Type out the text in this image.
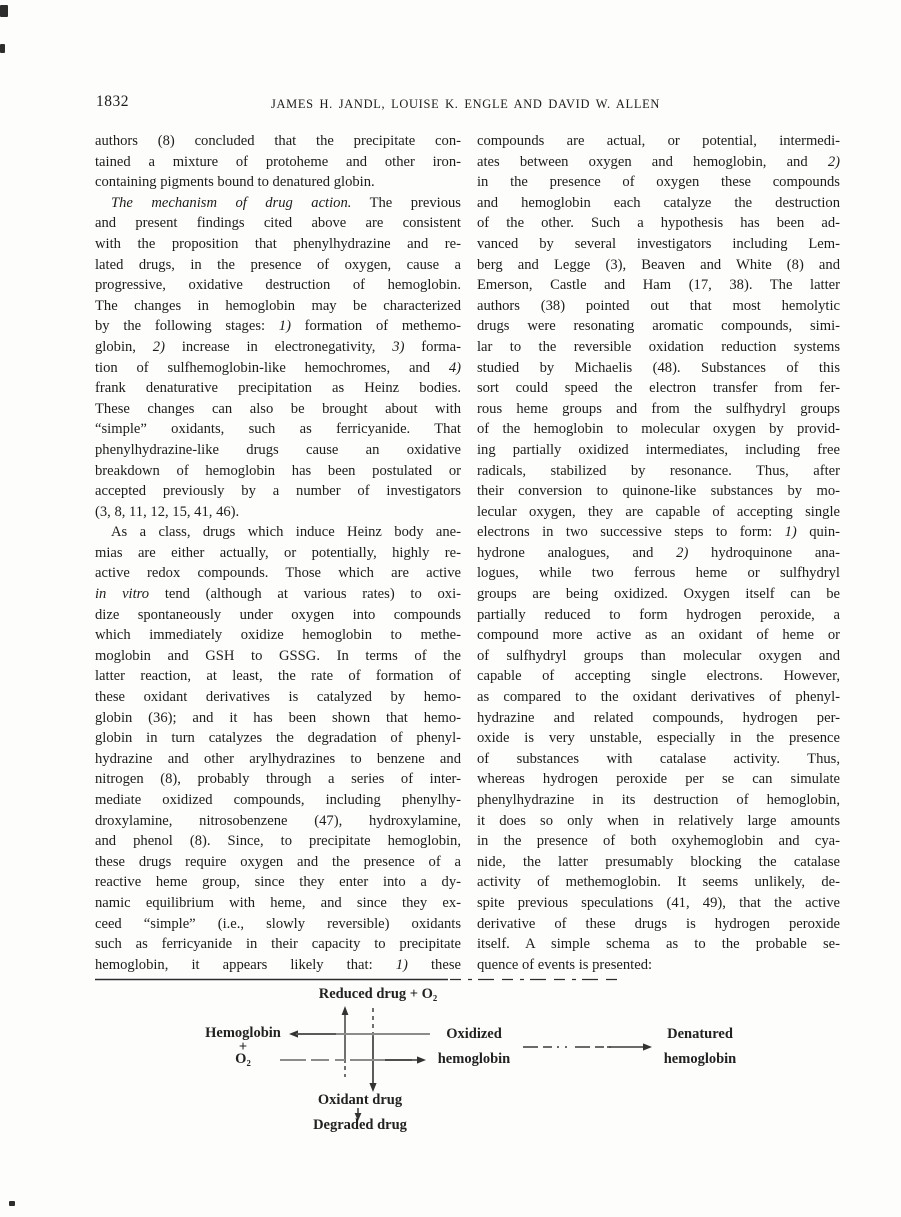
1832	JAMES H. JANDL, LOUISE K. ENGLE AND DAVID W. ALLEN
authors (8) concluded that the precipitate con-
tained a mixture of protoheme and other iron-
containing pigments bound to denatured globin.
The mechanism of drug action. The previous
and present findings cited above are consistent
with the proposition that phenylhydrazine and re-
lated drugs, in the presence of oxygen, cause a
progressive, oxidative destruction of hemoglobin.
The changes in hemoglobin may be characterized
by the following stages: 1) formation of methemo-
globin, 2) increase in electronegativity, 3) forma-
tion of sulfhemoglobin-like hemochromes, and 4)
frank denaturative precipitation as Heinz bodies.
These changes can also be brought about with
“simple” oxidants, such as ferricyanide. That
phenylhydrazine-like drugs cause an oxidative
breakdown of hemoglobin has been postulated or
accepted previously by a number of investigators
(3, 8, 11, 12, 15, 41, 46).
As a class, drugs which induce Heinz body ane-
mias are either actually, or potentially, highly re-
active redox compounds. Those which are active
in vitro tend (although at various rates) to oxi-
dize spontaneously under oxygen into compounds
which immediately oxidize hemoglobin to methe-
moglobin and GSH to GSSG. In terms of the
latter reaction, at least, the rate of formation of
these oxidant derivatives is catalyzed by hemo-
globin (36); and it has been shown that hemo-
globin in turn catalyzes the degradation of phenyl-
hydrazine and other arylhydrazines to benzene and
nitrogen (8), probably through a series of inter-
mediate oxidized compounds, including phenylhy-
droxylamine, nitrosobenzene (47), hydroxylamine,
and phenol (8). Since, to precipitate hemoglobin,
these drugs require oxygen and the presence of a
reactive heme group, since they enter into a dy-
namic equilibrium with heme, and since they ex-
ceed “simple” (i.e., slowly reversible) oxidants
such as ferricyanide in their capacity to precipitate
hemoglobin, it appears likely that: 1) these
compounds are actual, or potential, intermedi-
ates between oxygen and hemoglobin, and 2)
in the presence of oxygen these compounds
and hemoglobin each catalyze the destruction
of the other. Such a hypothesis has been ad-
vanced by several investigators including Lem-
berg and Legge (3), Beaven and White (8) and
Emerson, Castle and Ham (17, 38). The latter
authors (38) pointed out that most hemolytic
drugs were resonating aromatic compounds, simi-
lar to the reversible oxidation reduction systems
studied by Michaelis (48). Substances of this
sort could speed the electron transfer from fer-
rous heme groups and from the sulfhydryl groups
of the hemoglobin to molecular oxygen by provid-
ing partially oxidized intermediates, including free
radicals, stabilized by resonance. Thus, after
their conversion to quinone-like substances by mo-
lecular oxygen, they are capable of accepting single
electrons in two successive steps to form: 1) quin-
hydrone analogues, and 2) hydroquinone ana-
logues, while two ferrous heme or sulfhydryl
groups are being oxidized. Oxygen itself can be
partially reduced to form hydrogen peroxide, a
compound more active as an oxidant of heme or
of sulfhydryl groups than molecular oxygen and
capable of accepting single electrons. However,
as compared to the oxidant derivatives of phenyl-
hydrazine and related compounds, hydrogen per-
oxide is very unstable, especially in the presence
of substances with catalase activity. Thus,
whereas hydrogen peroxide per se can simulate
phenylhydrazine in its destruction of hemoglobin,
it does so only when in relatively large amounts
in the presence of both oxyhemoglobin and cya-
nide, the latter presumably blocking the catalase
activity of methemoglobin. It seems unlikely, de-
spite previous speculations (41, 49), that the active
derivative of these drugs is hydrogen peroxide
itself. A simple schema as to the probable se-
quence of events is presented:
Reduced drug + O₂
Hemoglobin
+
O₂
Oxidized
hemoglobin
Denatured
hemoglobin
Oxidant drug
Degraded drug
